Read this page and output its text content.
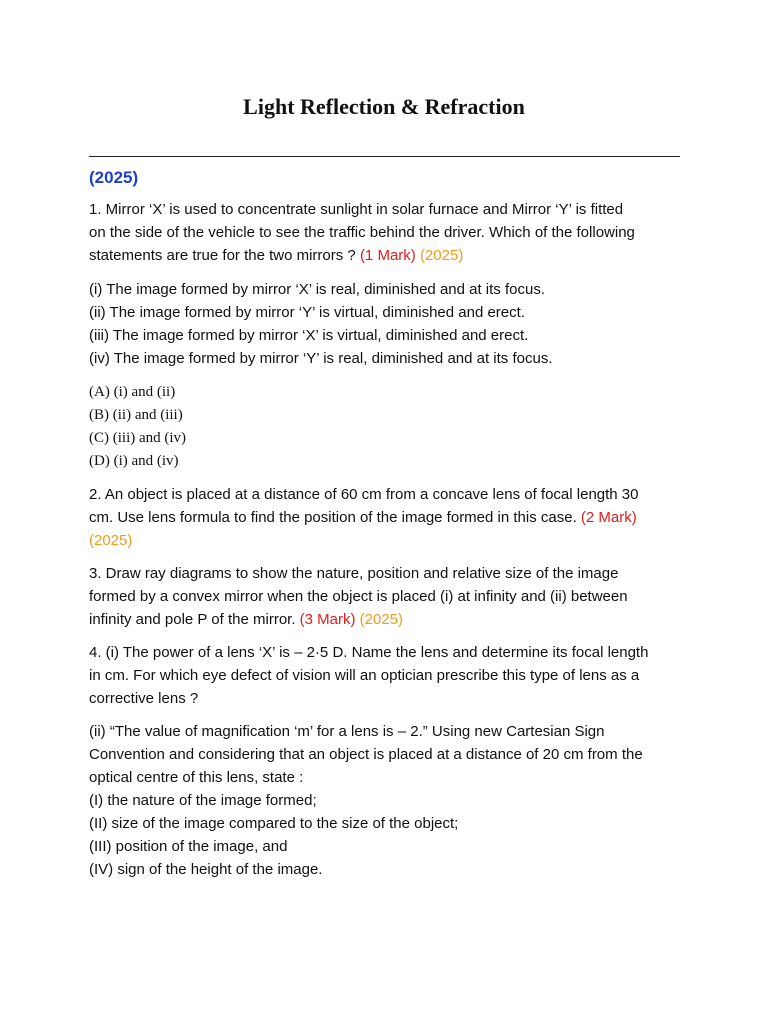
Light Reflection & Refraction
(2025)

1. Mirror ‘X’ is used to concentrate sunlight in solar furnace and Mirror ‘Y’ is fitted
on the side of the vehicle to see the traffic behind the driver. Which of the following
statements are true for the two mirrors ? (1 Mark) (2025)

(i) The image formed by mirror ‘X’ is real, diminished and at its focus.
(ii) The image formed by mirror ‘Y’ is virtual, diminished and erect.
(iii) The image formed by mirror ‘X’ is virtual, diminished and erect.
(iv) The image formed by mirror ‘Y’ is real, diminished and at its focus.

(A) (i) and (ii)
(B) (ii) and (iii)
(C) (iii) and (iv)
(D) (i) and (iv)

2. An object is placed at a distance of 60 cm from a concave lens of focal length 30
cm. Use lens formula to find the position of the image formed in this case. (2 Mark)
(2025)

3. Draw ray diagrams to show the nature, position and relative size of the image
formed by a convex mirror when the object is placed (i) at infinity and (ii) between
infinity and pole P of the mirror. (3 Mark) (2025)

4. (i) The power of a lens ‘X’ is – 2·5 D. Name the lens and determine its focal length
in cm. For which eye defect of vision will an optician prescribe this type of lens as a
corrective lens ?

(ii) “The value of magnification ‘m’ for a lens is – 2.” Using new Cartesian Sign
Convention and considering that an object is placed at a distance of 20 cm from the
optical centre of this lens, state :
(I) the nature of the image formed;
(II) size of the image compared to the size of the object;
(III) position of the image, and
(IV) sign of the height of the image.
